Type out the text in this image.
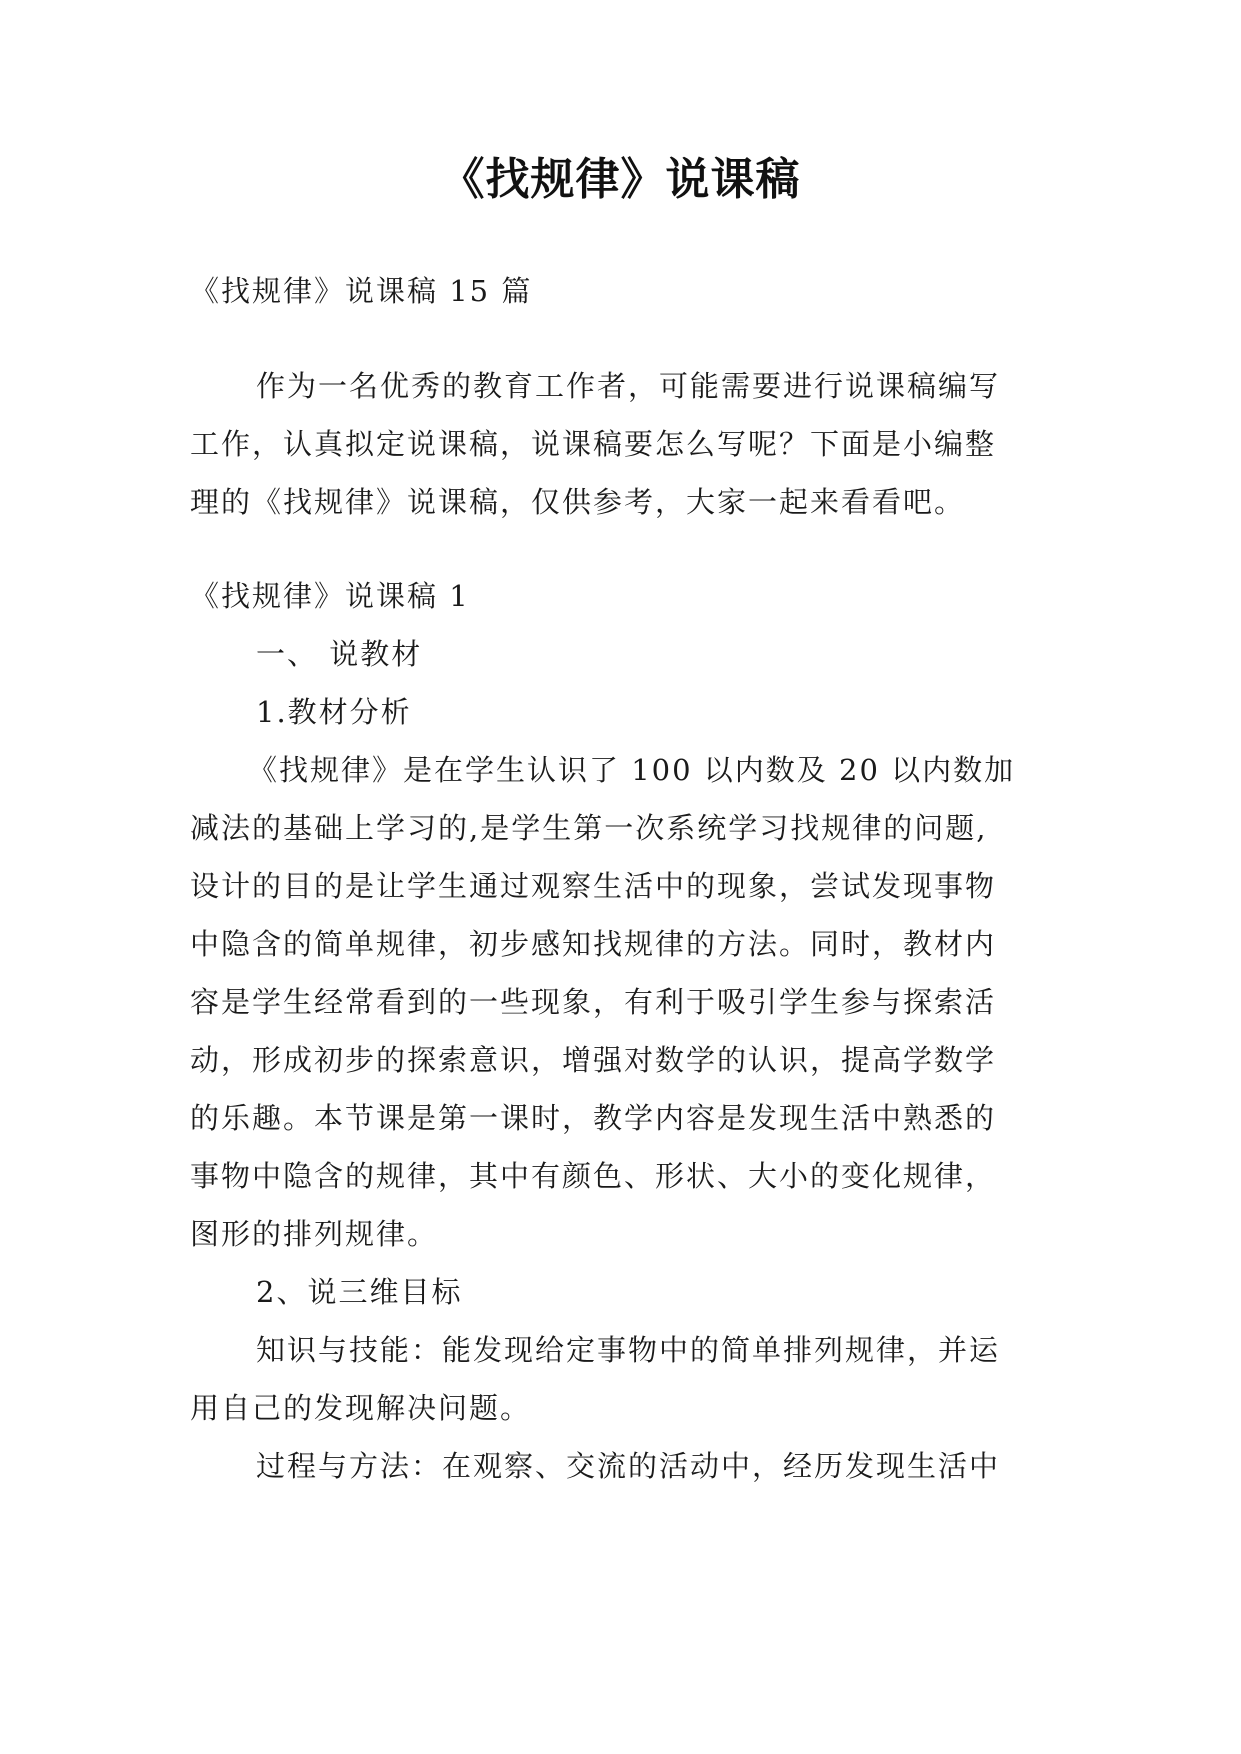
《找规律》说课稿

《找规律》说课稿 15 篇

作为一名优秀的教育工作者，可能需要进行说课稿编写

工作，认真拟定说课稿，说课稿要怎么写呢？下面是小编整

理的《找规律》说课稿，仅供参考，大家一起来看看吧。

《找规律》说课稿 1

一、 说教材

1.教材分析

《找规律》是在学生认识了 100 以内数及 20 以内数加

减法的基础上学习的,是学生第一次系统学习找规律的问题,

设计的目的是让学生通过观察生活中的现象，尝试发现事物

中隐含的简单规律，初步感知找规律的方法。同时，教材内

容是学生经常看到的一些现象，有利于吸引学生参与探索活

动，形成初步的探索意识，增强对数学的认识，提高学数学

的乐趣。本节课是第一课时，教学内容是发现生活中熟悉的

事物中隐含的规律，其中有颜色、形状、大小的变化规律，

图形的排列规律。

2、说三维目标

知识与技能：能发现给定事物中的简单排列规律，并运

用自己的发现解决问题。

过程与方法：在观察、交流的活动中，经历发现生活中
